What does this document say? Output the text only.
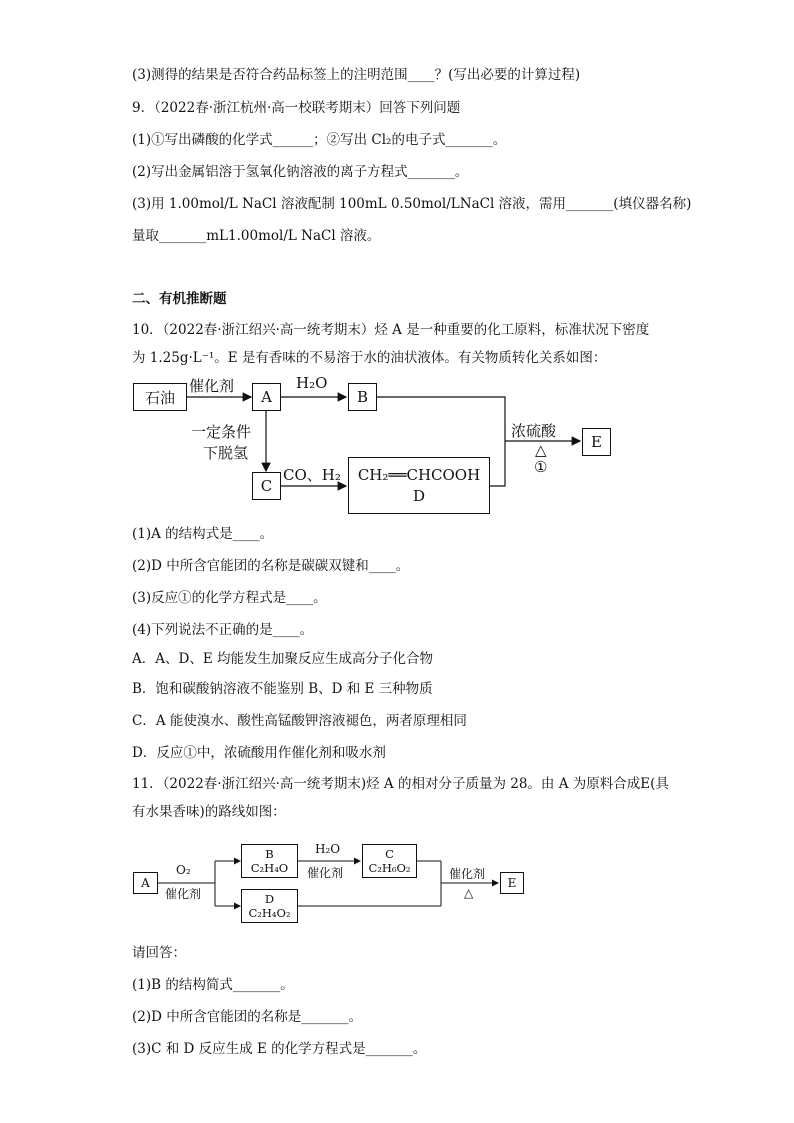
(3)测得的结果是否符合药品标签上的注明范围____？(写出必要的计算过程)
9．（2022春·浙江杭州·高一校联考期末）回答下列问题
(1)①写出磷酸的化学式______；②写出 Cl₂的电子式_______。
(2)写出金属铝溶于氢氧化钠溶液的离子方程式_______。
(3)用 1.00mol/L NaCl 溶液配制 100mL 0.50mol/LNaCl 溶液，需用_______(填仪器名称)
量取_______mL1.00mol/L NaCl 溶液。
二、有机推断题
10．（2022春·浙江绍兴·高一统考期末）烃 A 是一种重要的化工原料，标准状况下密度
为 1.25g·L⁻¹。E 是有香味的不易溶于水的油状液体。有关物质转化关系如图：
石油
催化剂
A
H₂O
B
一定条件
下脱氢
C
CO、H₂ CH₂══CHCOOH
D
浓硫酸
△
①
E
(1)A 的结构式是____。
(2)D 中所含官能团的名称是碳碳双键和____。
(3)反应①的化学方程式是____。
(4)下列说法不正确的是____。
A．A、D、E 均能发生加聚反应生成高分子化合物
B．饱和碳酸钠溶液不能鉴别 B、D 和 E 三种物质
C．A 能使溴水、酸性高锰酸钾溶液褪色，两者原理相同
D．反应①中，浓硫酸用作催化剂和吸水剂
11．（2022春·浙江绍兴·高一统考期末)烃 A 的相对分子质量为 28。由 A 为原料合成E(具
有水果香味)的路线如图：
A
O₂
催化剂
B
C₂H₄O
H₂O
催化剂
C
C₂H₆O₂
D
C₂H₄O₂
催化剂
△
E
请回答：
(1)B 的结构简式_______。
(2)D 中所含官能团的名称是_______。
(3)C 和 D 反应生成 E 的化学方程式是_______。
